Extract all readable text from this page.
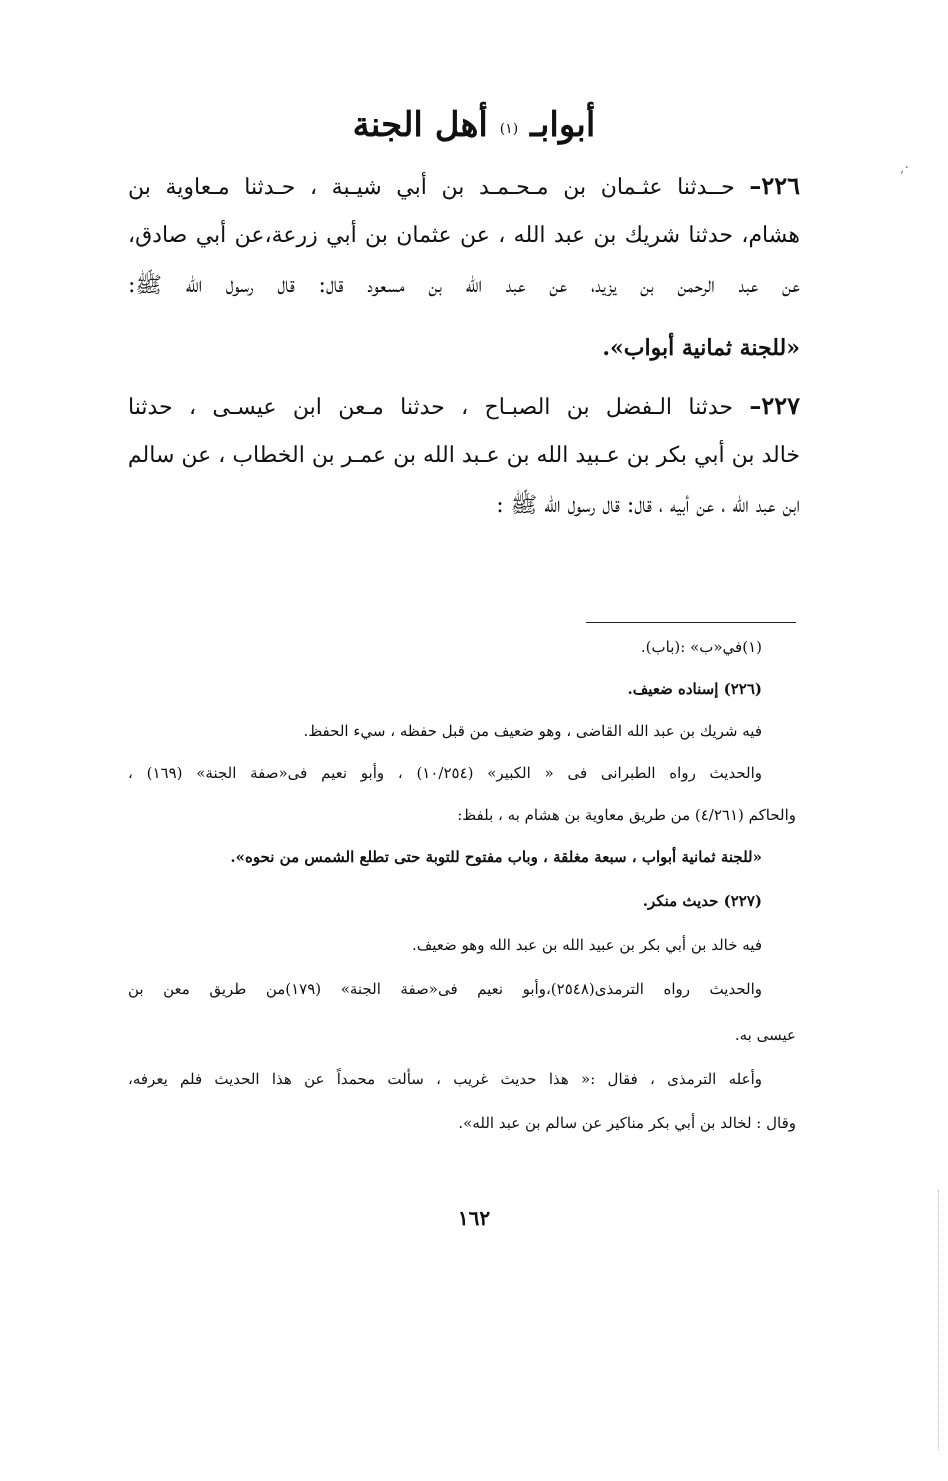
·,
أبوابـ $^{(١)}$ أهل الجنة
٢٢٦– حــدثنا عثـمان بن مـحـمـد بن أبي شيـبة ، حـدثنا مـعاوية بن
هشام، حدثنا شريك بن عبد الله ، عن عثمان بن أبي زرعة،عن أبي صادق،
عن عبد الرحمن بن يزيد، عن عبد الله بن مسعود قال: قال رسول الله ﷺ:
«للجنة ثمانية أبواب».
٢٢٧– حدثنا الـفضل بن الصبـاح ، حدثنا مـعن ابن عيسـى ، حدثنا
خالد بن أبي بكر بن عـبيد الله بن عـبد الله بن عمـر بن الخطاب ، عن سالم
ابن عبد الله ، عن أبيه ، قال: قال رسول الله ﷺ :
(١)في«ب» :(باب).
(٢٢٦) إسناده ضعيف.
فيه شريك بن عبد الله القاضى ، وهو ضعيف من قبل حفظه ، سيء الحفظ.
والحديث رواه الطبرانى فى « الكبير» (١٠/٢٥٤) ، وأبو نعيم فى«صفة الجنة» (١٦٩) ،
والحاكم (٤/٢٦١) من طريق معاوية بن هشام به ، بلفظ:
«للجنة ثمانية أبواب ، سبعة مغلقة ، وباب مفتوح للتوبة حتى تطلع الشمس من نحوه».
(٢٢٧) حديث منكر.
فيه خالد بن أبي بكر بن عبيد الله بن عبد الله وهو ضعيف.
والحديث رواه الترمذى(٢٥٤٨)،وأبو نعيم فى«صفة الجنة» (١٧٩)من طريق معن بن
عيسى به.
وأعله الترمذى ، فقال :« هذا حديث غريب ، سألت محمداً عن هذا الحديث فلم يعرفه،
وقال : لخالد بن أبي بكر مناكير عن سالم بن عبد الله».
١٦٢
